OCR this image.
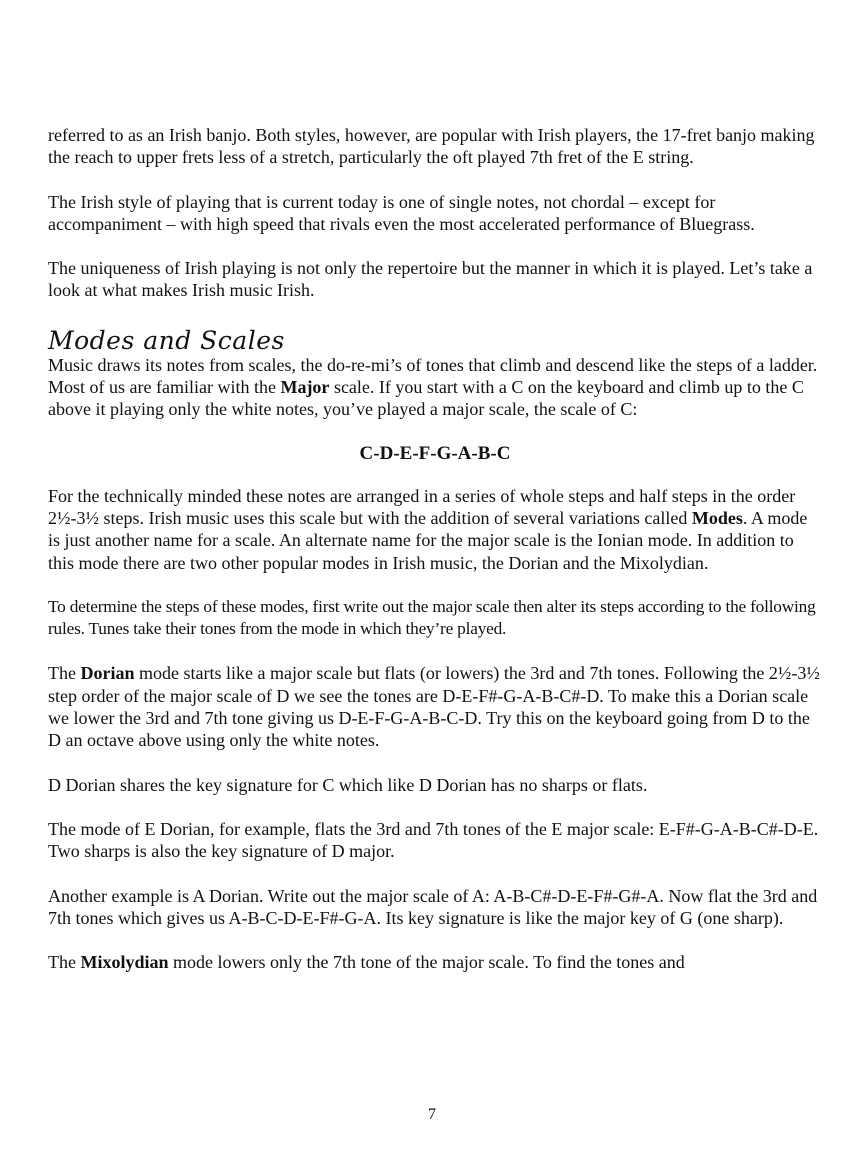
referred to as an Irish banjo. Both styles, however, are popular with Irish players, the 17-fret banjo making the reach to upper frets less of a stretch, particularly the oft played 7th fret of the E string.

The Irish style of playing that is current today is one of single notes, not chordal – except for accompaniment – with high speed that rivals even the most accelerated performance of Bluegrass.

The uniqueness of Irish playing is not only the repertoire but the manner in which it is played. Let’s take a look at what makes Irish music Irish.

Modes and Scales

Music draws its notes from scales, the do-re-mi’s of tones that climb and descend like the steps of a ladder. Most of us are familiar with the Major scale. If you start with a C on the keyboard and climb up to the C above it playing only the white notes, you’ve played a major scale, the scale of C:

C-D-E-F-G-A-B-C

For the technically minded these notes are arranged in a series of whole steps and half steps in the order 2½-3½ steps. Irish music uses this scale but with the addition of several variations called Modes. A mode is just another name for a scale. An alternate name for the major scale is the Ionian mode. In addition to this mode there are two other popular modes in Irish music, the Dorian and the Mixolydian.

To determine the steps of these modes, first write out the major scale then alter its steps according to the following rules. Tunes take their tones from the mode in which they’re played.

The Dorian mode starts like a major scale but flats (or lowers) the 3rd and 7th tones. Following the 2½-3½ step order of the major scale of D we see the tones are D-E-F#-G-A-B-C#-D. To make this a Dorian scale we lower the 3rd and 7th tone giving us D-E-F-G-A-B-C-D. Try this on the keyboard going from D to the D an octave above using only the white notes.

D Dorian shares the key signature for C which like D Dorian has no sharps or flats.

The mode of E Dorian, for example, flats the 3rd and 7th tones of the E major scale: E-F#-G-A-B-C#-D-E. Two sharps is also the key signature of D major.

Another example is A Dorian. Write out the major scale of A: A-B-C#-D-E-F#-G#-A. Now flat the 3rd and 7th tones which gives us A-B-C-D-E-F#-G-A. Its key signature is like the major key of G (one sharp).

The Mixolydian mode lowers only the 7th tone of the major scale. To find the tones and

7
